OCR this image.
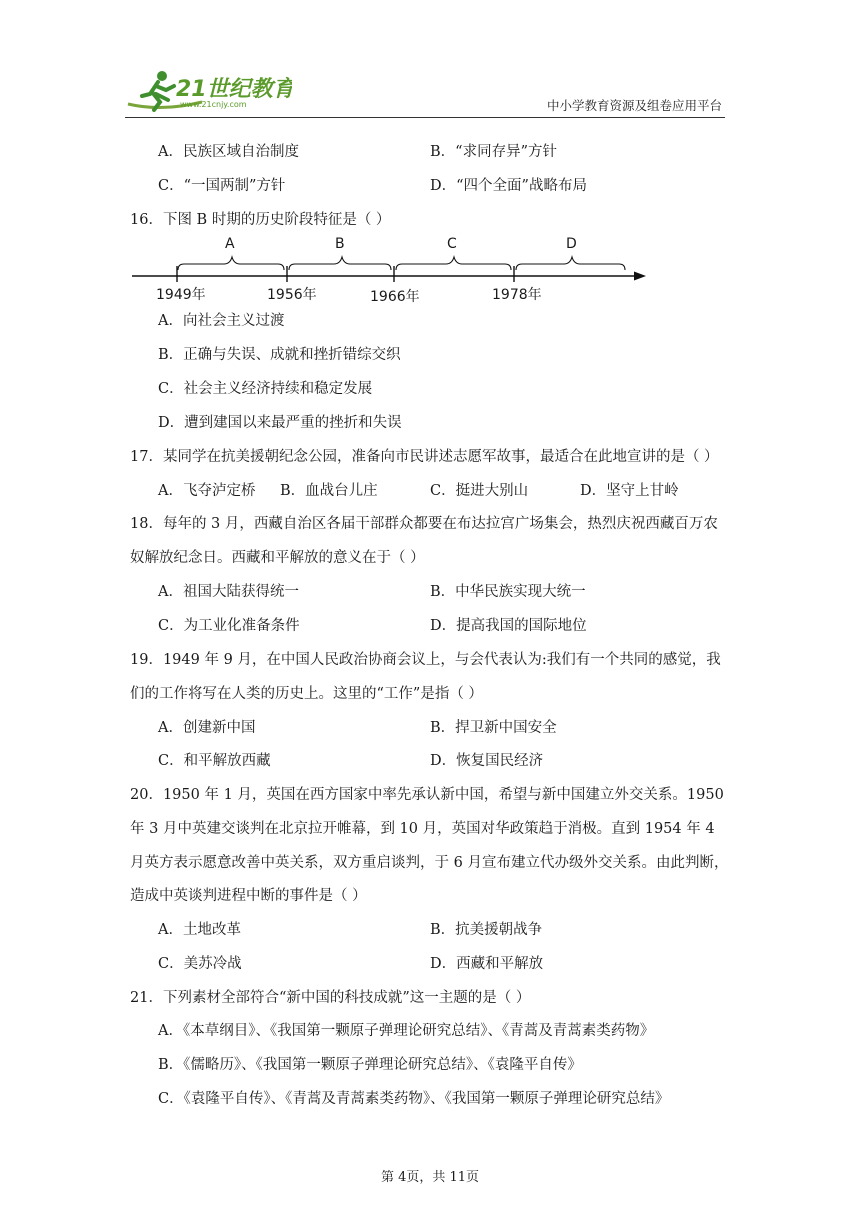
21世纪教育
www.21cnjy.com	中小学教育资源及组卷应用平台
A．民族区域自治制度	B．“求同存异”方针
C．“一国两制”方针	D．“四个全面”战略布局
16．下图 B 时期的历史阶段特征是（ ）
A	B	C	D
1949年	1956年	1966年	1978年
A．向社会主义过渡
B．正确与失误、成就和挫折错综交织
C．社会主义经济持续和稳定发展
D．遭到建国以来最严重的挫折和失误
17．某同学在抗美援朝纪念公园，准备向市民讲述志愿军故事，最适合在此地宣讲的是（ ）
A．飞夺泸定桥 B．血战台儿庄	C．挺进大别山	D．坚守上甘岭
18．每年的 3 月，西藏自治区各届干部群众都要在布达拉宫广场集会，热烈庆祝西藏百万农
奴解放纪念日。西藏和平解放的意义在于（ ）
A．祖国大陆获得统一	B．中华民族实现大统一
C．为工业化准备条件	D．提高我国的国际地位
19．1949 年 9 月，在中国人民政治协商会议上，与会代表认为:我们有一个共同的感觉，我
们的工作将写在人类的历史上。这里的“工作”是指（ ）
A．创建新中国	B．捍卫新中国安全
C．和平解放西藏	D．恢复国民经济
20．1950 年 1 月，英国在西方国家中率先承认新中国，希望与新中国建立外交关系。1950
年 3 月中英建交谈判在北京拉开帷幕，到 10 月，英国对华政策趋于消极。直到 1954 年 4
月英方表示愿意改善中英关系，双方重启谈判，于 6 月宣布建立代办级外交关系。由此判断，
造成中英谈判进程中断的事件是（ ）
A．土地改革	B．抗美援朝战争
C．美苏冷战	D．西藏和平解放
21．下列素材全部符合“新中国的科技成就”这一主题的是（ ）
A．《本草纲目》、《我国第一颗原子弹理论研究总结》、《青蒿及青蒿素类药物》
B．《儒略历》、《我国第一颗原子弹理论研究总结》、《袁隆平自传》
C．《袁隆平自传》、《青蒿及青蒿素类药物》、《我国第一颗原子弹理论研究总结》
第 4页，共 11页
